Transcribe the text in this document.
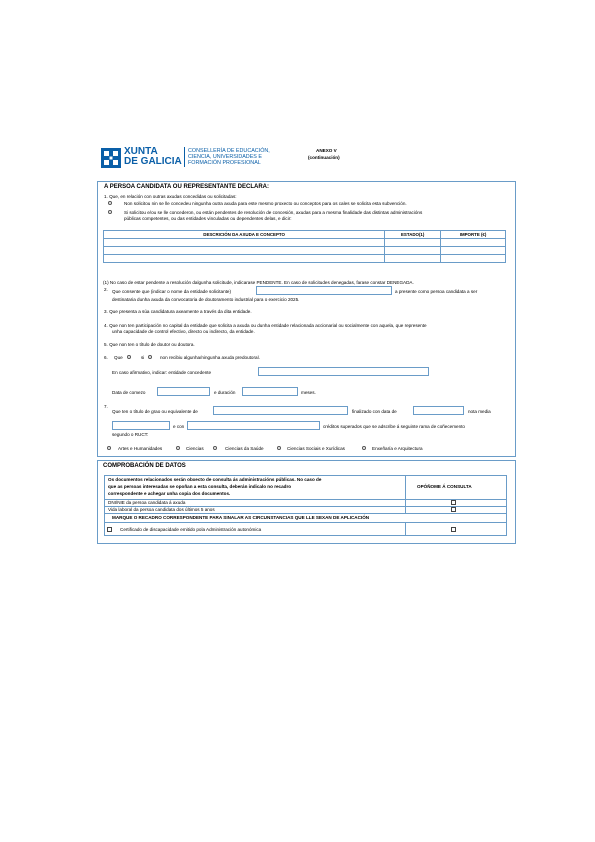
XUNTA
DE GALICIA
CONSELLERÍA DE EDUCACIÓN,
CIENCIA, UNIVERSIDADES E
FORMACIÓN PROFESIONAL
ANEXO V
(continuación)
A PERSOA CANDIDATA OU REPRESENTANTE DECLARA:
1. Que, en relación con outras axudas concedidas ou solicitadas:
Non solicitou nin se lle concedeu ningunha outra axuda para este mesmo proxecto ou conceptos para os cales se solicita esta subvención.
Si solicitou e/ou se lle concederon, ou están pendentes de resolución de concesión, axudas para a mesma finalidade das distintas administracións
públicas competentes, ou das entidades vinculadas ou dependentes delas, e dicir:
DESCRICIÓN DA AXUDA E CONCEPTO	ESTADO(1)	IMPORTE (€)

(1) No caso de estar pendente a resolución dalgunha solicitude, indicarase PENDENTE. En caso de solicitudes denegadas, farase constar DENEGADA.
2. Que consente que (indicar o nome da entidade solicitante)	a presente como persoa candidata a ser
destinataria dunha axuda da convocatoria de doutoramento industrial para o exercicio 2025.
3. Que presenta a súa candidatura axeamente a través da dita entidade.
4. Que non ten participación no capital da entidade que solicita a axuda ou dunha entidade relacionada accionarial ou socialmente con aquela, que represente
unha capacidade de control efectivo, directo ou indirecto, da entidade.
5. Que non ten o título de doutor ou doutora.
6. Que	si	non recibiu algunha/ningunha axuda predoutoral.
En caso afirmativo, indicar: entidade concedente
Data de comezo	e duración	meses.
7.
Que ten o título de grao ou equivalente de	finalizado con data de	nota media
e con	créditos superados que se adscribe á seguinte rama de coñecemento
segundo o RUCT:
Artes e Humanidades	Ciencias	Ciencias da Saúde	Ciencias Sociais e Xurídicas	Enxeñaría e Arquitectura
COMPROBACIÓN DE DATOS
Os documentos relacionados serán obxecto de consulta ás administracións públicas. No caso de
que as persoas interesadas se opoñan a esta consulta, deberán indicalo no recadro
correspondente e achegar unha copia dos documentos.
OPÓÑOME Á CONSULTA
DNI/NIE da persoa candidata á axuda
Vida laboral da persoa candidata dos últimos 5 anos
MARQUE O RECADRO CORRESPONDENTE PARA SINALAR AS CIRCUNSTANCIAS QUE LLE SEXAN DE APLICACIÓN
Certificado de discapacidade emitido pola Administración autonómica
